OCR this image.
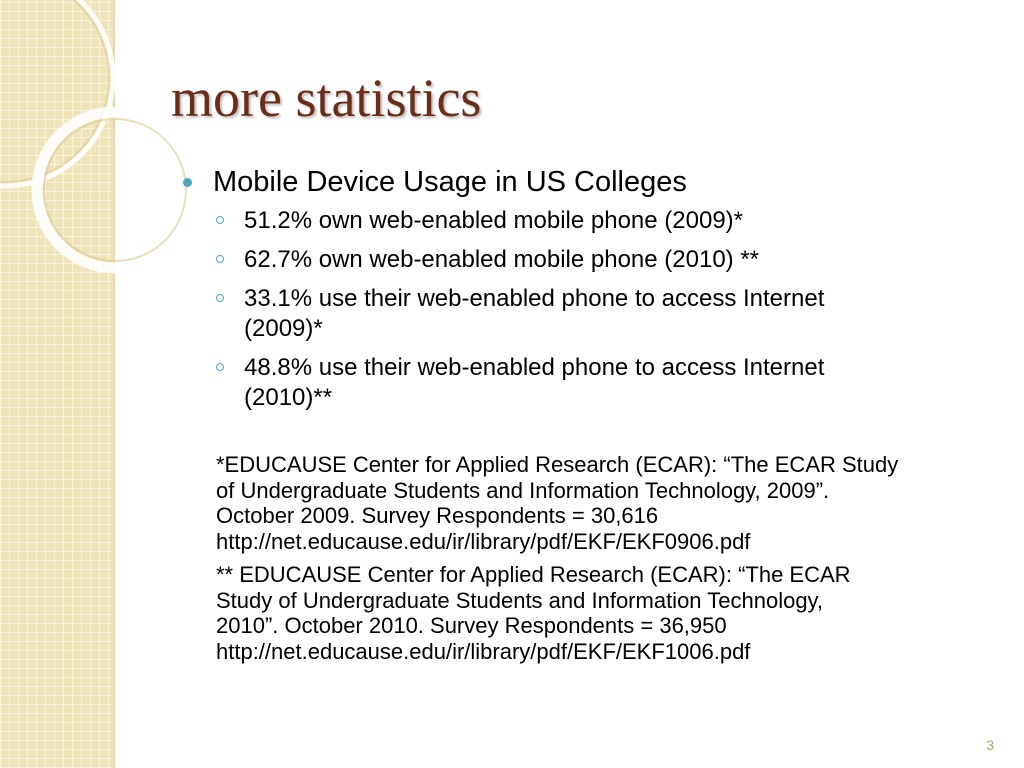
more statistics
Mobile Device Usage in US Colleges
51.2% own web-enabled mobile phone (2009)*
62.7% own web-enabled mobile phone (2010) **
33.1% use their web-enabled phone to access Internet
(2009)*
48.8% use their web-enabled phone to access Internet
(2010)**
*EDUCAUSE Center for Applied Research (ECAR): “The ECAR Study
of Undergraduate Students and Information Technology, 2009”.
October 2009. Survey Respondents = 30,616
http://net.educause.edu/ir/library/pdf/EKF/EKF0906.pdf
** EDUCAUSE Center for Applied Research (ECAR): “The ECAR
Study of Undergraduate Students and Information Technology,
2010”. October 2010. Survey Respondents = 36,950
http://net.educause.edu/ir/library/pdf/EKF/EKF1006.pdf
3
